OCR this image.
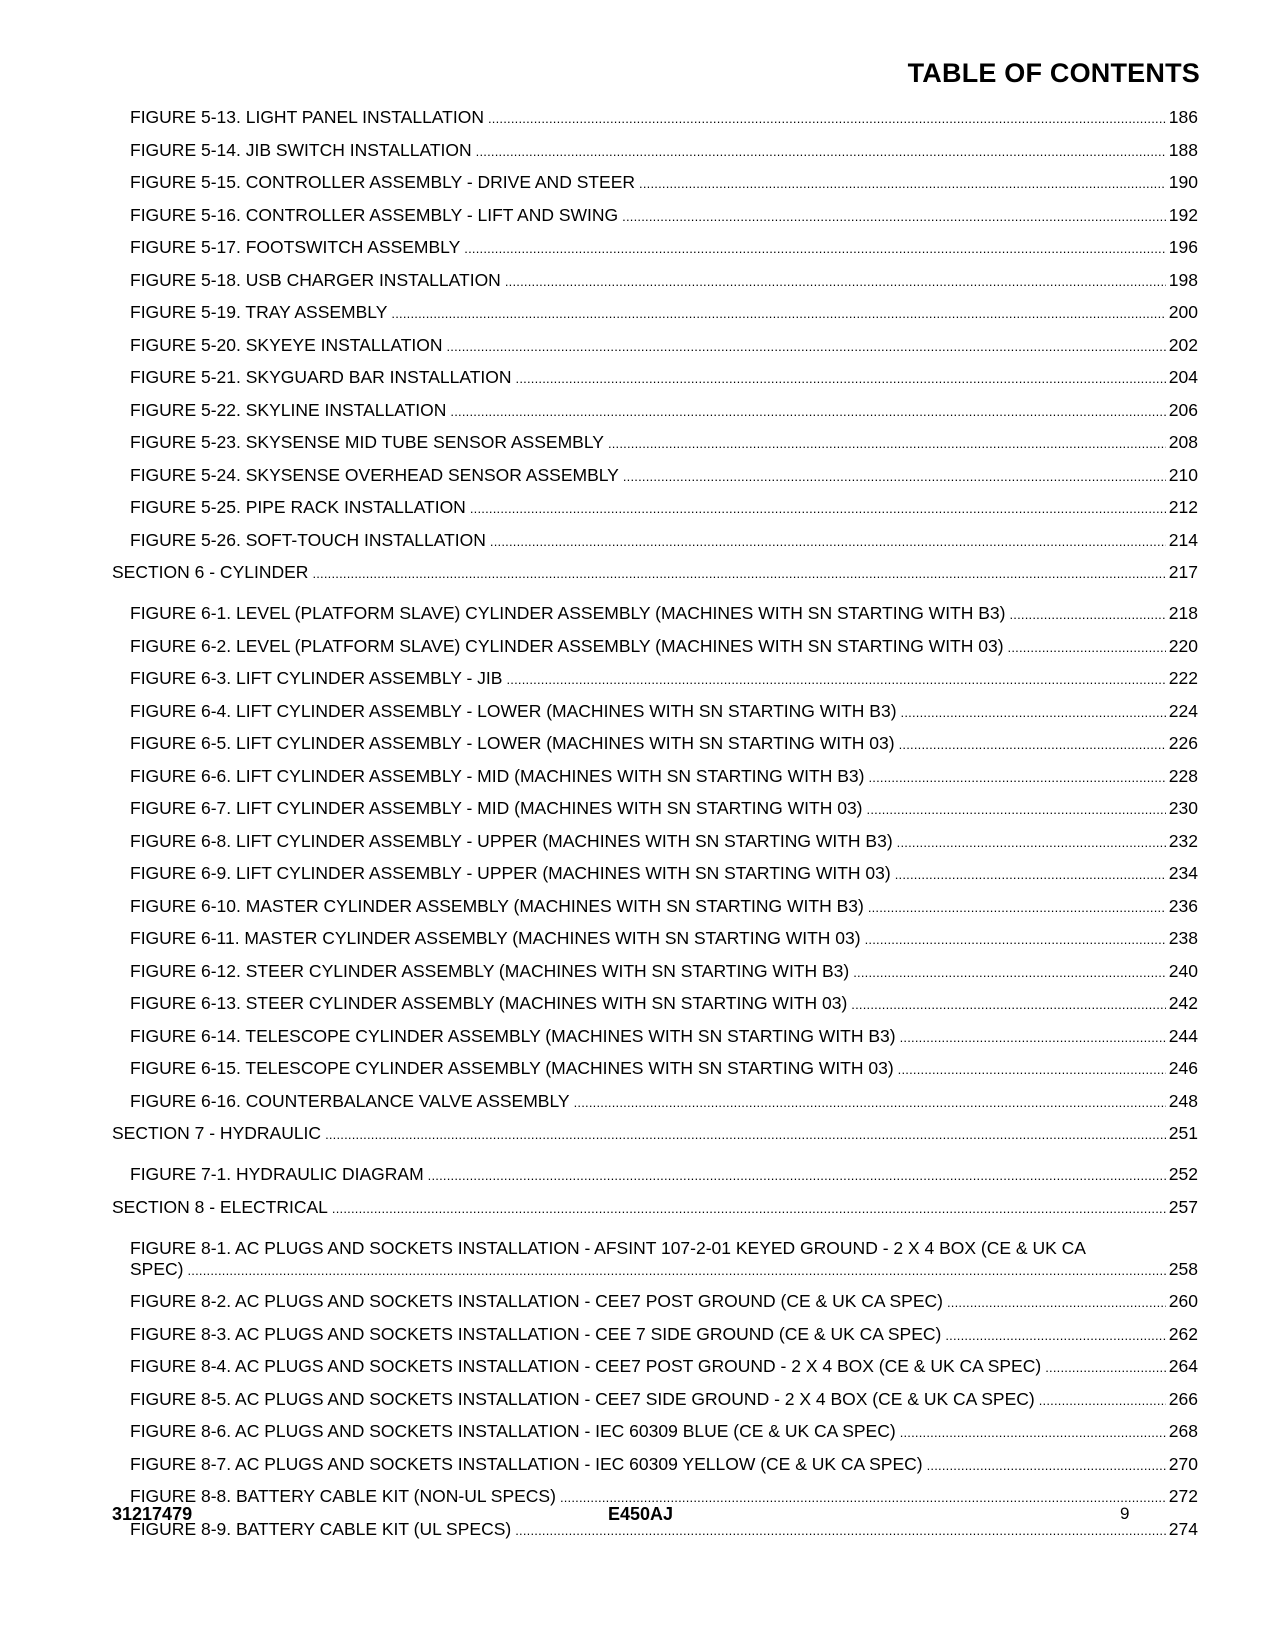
TABLE OF CONTENTS
FIGURE 5-13. LIGHT PANEL INSTALLATION .....	186
FIGURE 5-14. JIB SWITCH INSTALLATION .....	188
FIGURE 5-15. CONTROLLER ASSEMBLY - DRIVE AND STEER .....	190
FIGURE 5-16. CONTROLLER ASSEMBLY - LIFT AND SWING .....	192
FIGURE 5-17. FOOTSWITCH ASSEMBLY .....	196
FIGURE 5-18. USB CHARGER INSTALLATION .....	198
FIGURE 5-19. TRAY ASSEMBLY .....	200
FIGURE 5-20. SKYEYE INSTALLATION .....	202
FIGURE 5-21. SKYGUARD BAR INSTALLATION .....	204
FIGURE 5-22. SKYLINE INSTALLATION .....	206
FIGURE 5-23. SKYSENSE MID TUBE SENSOR ASSEMBLY .....	208
FIGURE 5-24. SKYSENSE OVERHEAD SENSOR ASSEMBLY .....	210
FIGURE 5-25. PIPE RACK INSTALLATION .....	212
FIGURE 5-26. SOFT-TOUCH INSTALLATION .....	214
SECTION 6 - CYLINDER .....	217
FIGURE 6-1. LEVEL (PLATFORM SLAVE) CYLINDER ASSEMBLY (MACHINES WITH SN STARTING WITH B3) .....	218
FIGURE 6-2. LEVEL (PLATFORM SLAVE) CYLINDER ASSEMBLY (MACHINES WITH SN STARTING WITH 03) .....	220
FIGURE 6-3. LIFT CYLINDER ASSEMBLY - JIB .....	222
FIGURE 6-4. LIFT CYLINDER ASSEMBLY - LOWER (MACHINES WITH SN STARTING WITH B3) .....	224
FIGURE 6-5. LIFT CYLINDER ASSEMBLY - LOWER (MACHINES WITH SN STARTING WITH 03) .....	226
FIGURE 6-6. LIFT CYLINDER ASSEMBLY - MID (MACHINES WITH SN STARTING WITH B3) .....	228
FIGURE 6-7. LIFT CYLINDER ASSEMBLY - MID (MACHINES WITH SN STARTING WITH 03) .....	230
FIGURE 6-8. LIFT CYLINDER ASSEMBLY - UPPER (MACHINES WITH SN STARTING WITH B3) .....	232
FIGURE 6-9. LIFT CYLINDER ASSEMBLY - UPPER (MACHINES WITH SN STARTING WITH 03) .....	234
FIGURE 6-10. MASTER CYLINDER ASSEMBLY (MACHINES WITH SN STARTING WITH B3) .....	236
FIGURE 6-11. MASTER CYLINDER ASSEMBLY (MACHINES WITH SN STARTING WITH 03) .....	238
FIGURE 6-12. STEER CYLINDER ASSEMBLY (MACHINES WITH SN STARTING WITH B3) .....	240
FIGURE 6-13. STEER CYLINDER ASSEMBLY (MACHINES WITH SN STARTING WITH 03) .....	242
FIGURE 6-14. TELESCOPE CYLINDER ASSEMBLY (MACHINES WITH SN STARTING WITH B3) .....	244
FIGURE 6-15. TELESCOPE CYLINDER ASSEMBLY (MACHINES WITH SN STARTING WITH 03) .....	246
FIGURE 6-16. COUNTERBALANCE VALVE ASSEMBLY .....	248
SECTION 7 - HYDRAULIC .....	251
FIGURE 7-1. HYDRAULIC DIAGRAM .....	252
SECTION 8 - ELECTRICAL .....	257
FIGURE 8-1. AC PLUGS AND SOCKETS INSTALLATION - AFSINT 107-2-01 KEYED GROUND - 2 X 4 BOX (CE & UK CA
SPEC) .....	258
FIGURE 8-2. AC PLUGS AND SOCKETS INSTALLATION - CEE7 POST GROUND (CE & UK CA SPEC) .....	260
FIGURE 8-3. AC PLUGS AND SOCKETS INSTALLATION - CEE 7 SIDE GROUND (CE & UK CA SPEC) .....	262
FIGURE 8-4. AC PLUGS AND SOCKETS INSTALLATION - CEE7 POST GROUND - 2 X 4 BOX (CE & UK CA SPEC) .....	264
FIGURE 8-5. AC PLUGS AND SOCKETS INSTALLATION - CEE7 SIDE GROUND - 2 X 4 BOX (CE & UK CA SPEC) .....	266
FIGURE 8-6. AC PLUGS AND SOCKETS INSTALLATION - IEC 60309 BLUE (CE & UK CA SPEC) .....	268
FIGURE 8-7. AC PLUGS AND SOCKETS INSTALLATION - IEC 60309 YELLOW (CE & UK CA SPEC) .....	270
FIGURE 8-8. BATTERY CABLE KIT (NON-UL SPECS) .....	272
FIGURE 8-9. BATTERY CABLE KIT (UL SPECS) .....	274
31217479	E450AJ	9
